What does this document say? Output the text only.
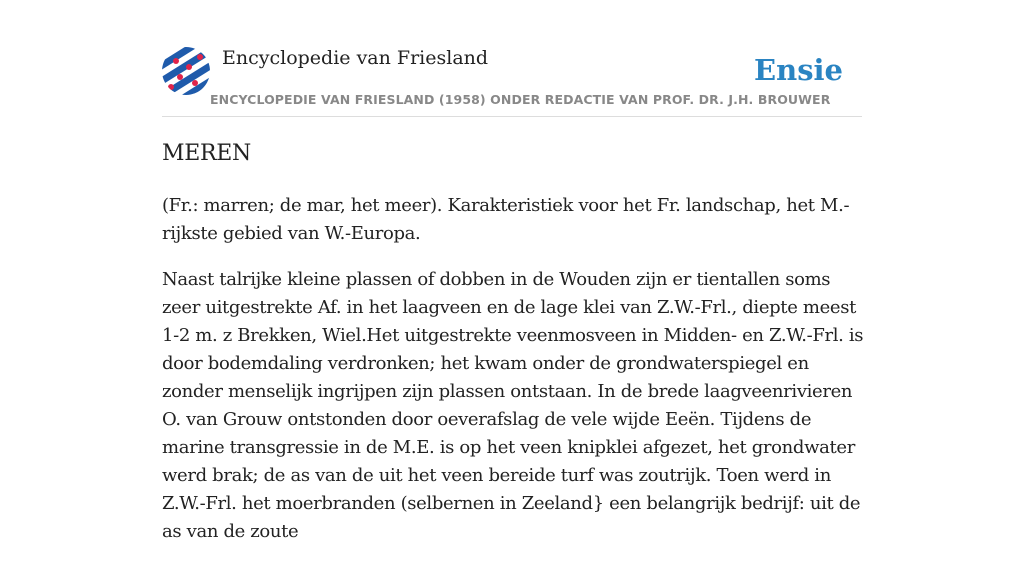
Encyclopedie van Friesland
ENCYCLOPEDIE VAN FRIESLAND (1958) ONDER REDACTIE VAN PROF. DR. J.H. BROUWER
Ensie
MEREN

(Fr.: marren; de mar, het meer). Karakteristiek voor het Fr. landschap, het M.-rijkste gebied van W.-Europa.

Naast talrijke kleine plassen of dobben in de Wouden zijn er tientallen soms zeer uitgestrekte Af. in het laagveen en de lage klei van Z.W.-Frl., diepte meest 1-2 m. z Brekken, Wiel.Het uitgestrekte veenmosveen in Midden- en Z.W.-Frl. is door bodemdaling verdronken; het kwam onder de grondwaterspiegel en zonder menselijk ingrijpen zijn plassen ontstaan. In de brede laagveenrivieren O. van Grouw ontstonden door oeverafslag de vele wijde Eeën. Tijdens de marine transgressie in de M.E. is op het veen knipklei afgezet, het grondwater werd brak; de as van de uit het veen bereide turf was zoutrijk. Toen werd in Z.W.-Frl. het moerbranden (selbernen in Zeeland} een belangrijk bedrijf: uit de as van de zoute
